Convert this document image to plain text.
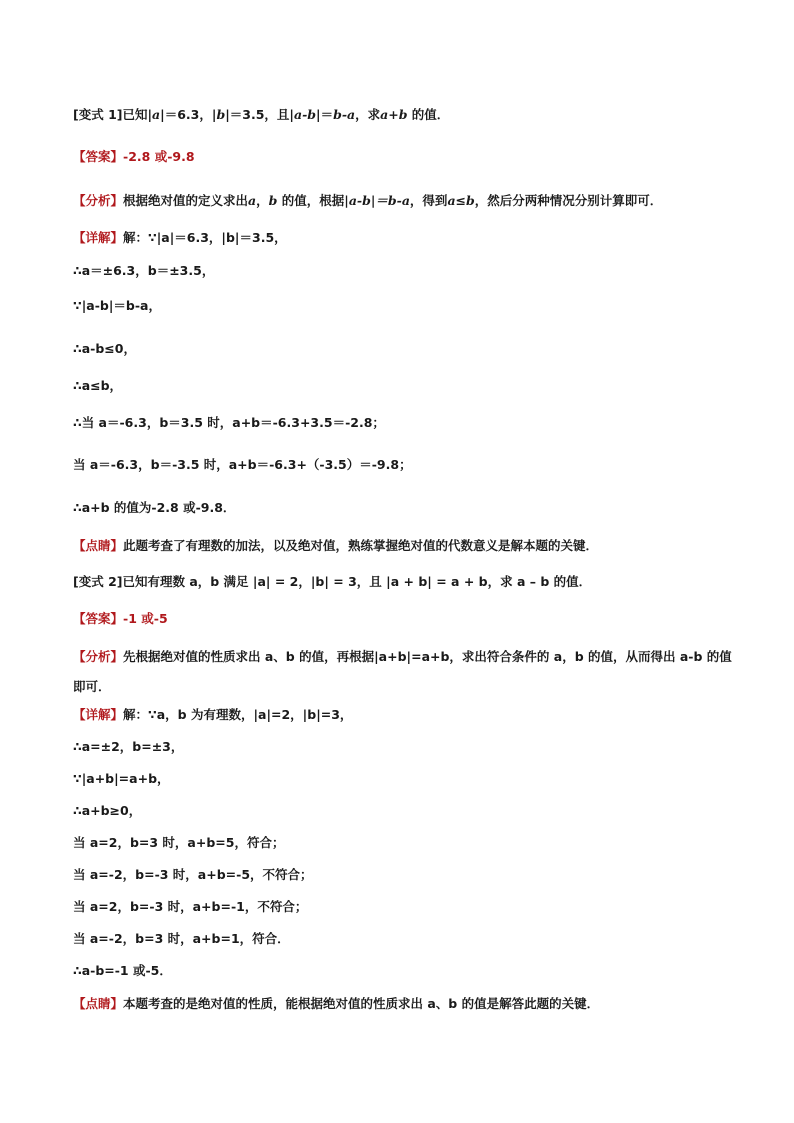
[变式 1]已知|a|＝6.3，|b|＝3.5，且|a-b|＝b-a，求a+b 的值．
【答案】-2.8 或-9.8
【分析】根据绝对值的定义求出a，b 的值，根据|a-b|＝b-a，得到a≤b，然后分两种情况分别计算即可．
【详解】解：∵|a|＝6.3，|b|＝3.5，
∴a＝±6.3，b＝±3.5，
∵|a-b|＝b-a，
∴a-b≤0，
∴a≤b，
∴当 a＝-6.3，b＝3.5 时，a+b＝-6.3+3.5＝-2.8；
当 a＝-6.3，b＝-3.5 时，a+b＝-6.3+（-3.5）＝-9.8；
∴a+b 的值为-2.8 或-9.8．
【点睛】此题考查了有理数的加法，以及绝对值，熟练掌握绝对值的代数意义是解本题的关键．
[变式 2]已知有理数 a，b 满足 |a| = 2，|b| = 3，且 |a + b| = a + b，求 a – b 的值．
【答案】-1 或-5
【分析】先根据绝对值的性质求出 a、b 的值，再根据|a+b|=a+b，求出符合条件的 a，b 的值，从而得出 a-b 的值即可．
【详解】解：∵a，b 为有理数，|a|=2，|b|=3，
∴a=±2，b=±3，
∵|a+b|=a+b，
∴a+b≥0，
当 a=2，b=3 时，a+b=5，符合；
当 a=-2，b=-3 时，a+b=-5，不符合；
当 a=2，b=-3 时，a+b=-1，不符合；
当 a=-2，b=3 时，a+b=1，符合．
∴a-b=-1 或-5．
【点睛】本题考查的是绝对值的性质，能根据绝对值的性质求出 a、b 的值是解答此题的关键．
